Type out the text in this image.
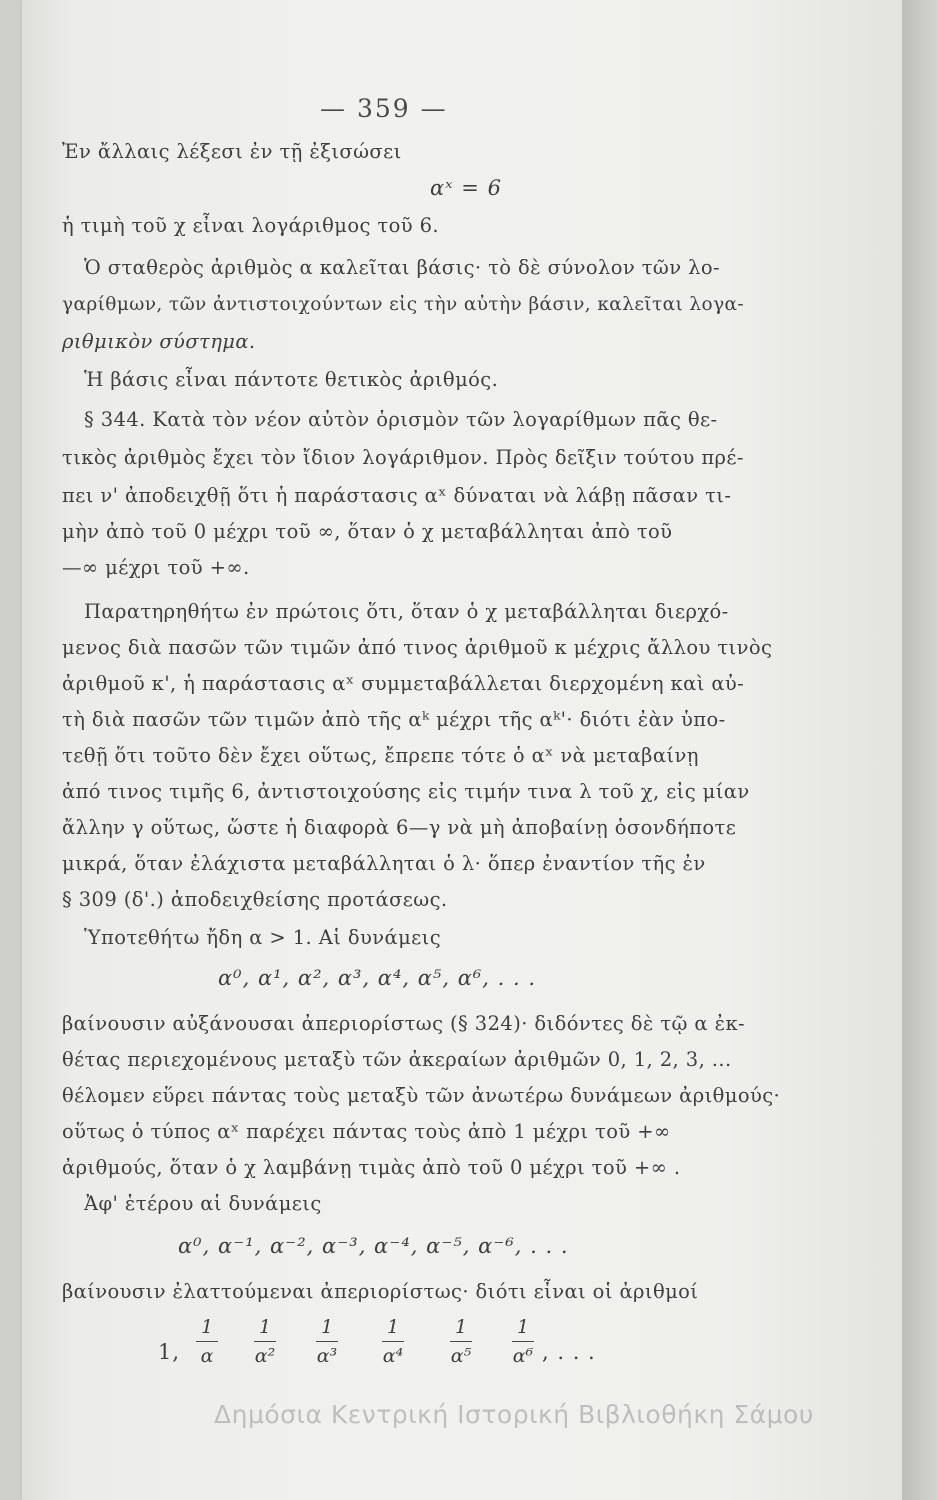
— 359 —
Ἐν ἄλλαις λέξεσι ἐν τῇ ἐξισώσει
αˣ = 6
ἡ τιμὴ τοῦ χ εἶναι λογάριθμος τοῦ 6.
Ὁ σταθερὸς ἀριθμὸς α καλεῖται βάσις· τὸ δὲ σύνολον τῶν λο-
γαρίθμων, τῶν ἀντιστοιχούντων εἰς τὴν αὐτὴν βάσιν, καλεῖται λογα-
ριθμικὸν σύστημα.
Ἡ βάσις εἶναι πάντοτε θετικὸς ἀριθμός.
§ 344. Κατὰ τὸν νέον αὐτὸν ὁρισμὸν τῶν λογαρίθμων πᾶς θε-
τικὸς ἀριθμὸς ἔχει τὸν ἴδιον λογάριθμον. Πρὸς δεῖξιν τούτου πρέ-
πει ν' ἀποδειχθῇ ὅτι ἡ παράστασις αˣ δύναται νὰ λάβῃ πᾶσαν τι-
μὴν ἀπὸ τοῦ 0 μέχρι τοῦ ∞, ὅταν ὁ χ μεταβάλληται ἀπὸ τοῦ
—∞ μέχρι τοῦ +∞.
Παρατηρηθήτω ἐν πρώτοις ὅτι, ὅταν ὁ χ μεταβάλληται διερχό-
μενος διὰ πασῶν τῶν τιμῶν ἀπό τινος ἀριθμοῦ κ μέχρις ἄλλου τινὸς
ἀριθμοῦ κ', ἡ παράστασις αˣ συμμεταβάλλεται διερχομένη καὶ αὐ-
τὴ διὰ πασῶν τῶν τιμῶν ἀπὸ τῆς αᵏ μέχρι τῆς αᵏ'· διότι ἐὰν ὑπο-
τεθῇ ὅτι τοῦτο δὲν ἔχει οὕτως, ἔπρεπε τότε ὁ αˣ νὰ μεταβαίνῃ
ἀπό τινος τιμῆς 6, ἀντιστοιχούσης εἰς τιμήν τινα λ τοῦ χ, εἰς μίαν
ἄλλην γ οὕτως, ὥστε ἡ διαφορὰ 6—γ νὰ μὴ ἀποβαίνῃ ὁσονδήποτε
μικρά, ὅταν ἐλάχιστα μεταβάλληται ὁ λ· ὅπερ ἐναντίον τῆς ἐν
§ 309 (δ'.) ἀποδειχθείσης προτάσεως.
Ὑποτεθήτω ἤδη α > 1. Αἱ δυνάμεις
α⁰, α¹, α², α³, α⁴, α⁵, α⁶, . . .
βαίνουσιν αὐξάνουσαι ἀπεριορίστως (§ 324)· διδόντες δὲ τῷ α ἐκ-
θέτας περιεχομένους μεταξὺ τῶν ἀκεραίων ἀριθμῶν 0, 1, 2, 3, ...
θέλομεν εὕρει πάντας τοὺς μεταξὺ τῶν ἀνωτέρω δυνάμεων ἀριθμούς·
οὕτως ὁ τύπος αˣ παρέχει πάντας τοὺς ἀπὸ 1 μέχρι τοῦ +∞
ἀριθμούς, ὅταν ὁ χ λαμβάνῃ τιμὰς ἀπὸ τοῦ 0 μέχρι τοῦ +∞ .
Ἀφ' ἑτέρου αἱ δυνάμεις
α⁰, α⁻¹, α⁻², α⁻³, α⁻⁴, α⁻⁵, α⁻⁶, . . .
βαίνουσιν ἐλαττούμεναι ἀπεριορίστως· διότι εἶναι οἱ ἀριθμοί
1,
1
α
1
α²
1
α³
1
α⁴
1
α⁵
1
α⁶ , . . .
Δημόσια Κεντρική Ιστορική Βιβλιοθήκη Σάμου
